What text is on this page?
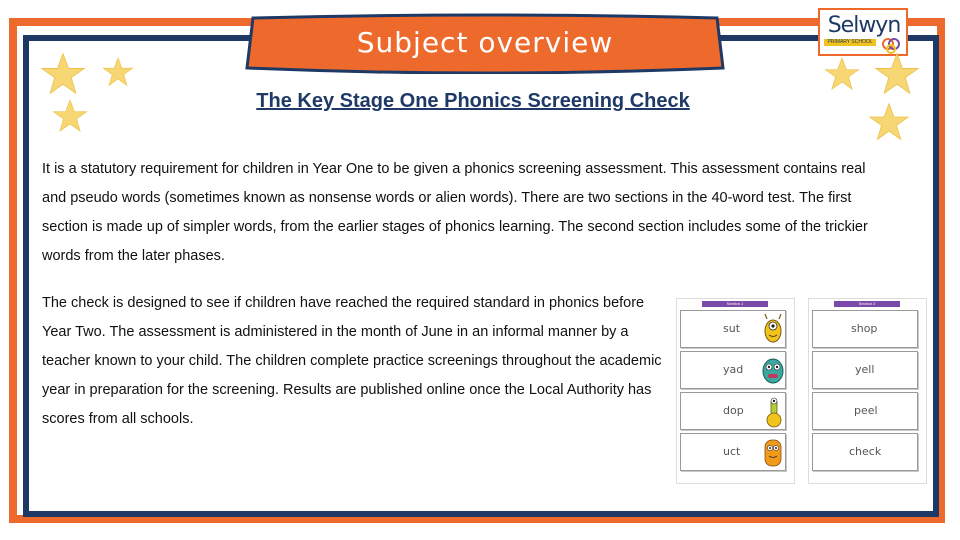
Subject overview
Selwyn
PRIMARY SCHOOL
The Key Stage One Phonics Screening Check
It is a statutory requirement for children in Year One to be given a phonics screening assessment. This assessment contains real and pseudo words (sometimes known as nonsense words or alien words). There are two sections in the 40-word test. The first section is made up of simpler words, from the earlier stages of phonics learning. The second section includes some of the trickier words from the later phases.
The check is designed to see if children have reached the required standard in phonics before Year Two. The assessment is administered in the month of June in an informal manner by a teacher known to your child. The children complete practice screenings throughout the academic year in preparation for the screening. Results are published online once the Local Authority has scores from all schools.
Section 1
sut
yad
dop
uct
Section 2
shop
yell
peel
check
